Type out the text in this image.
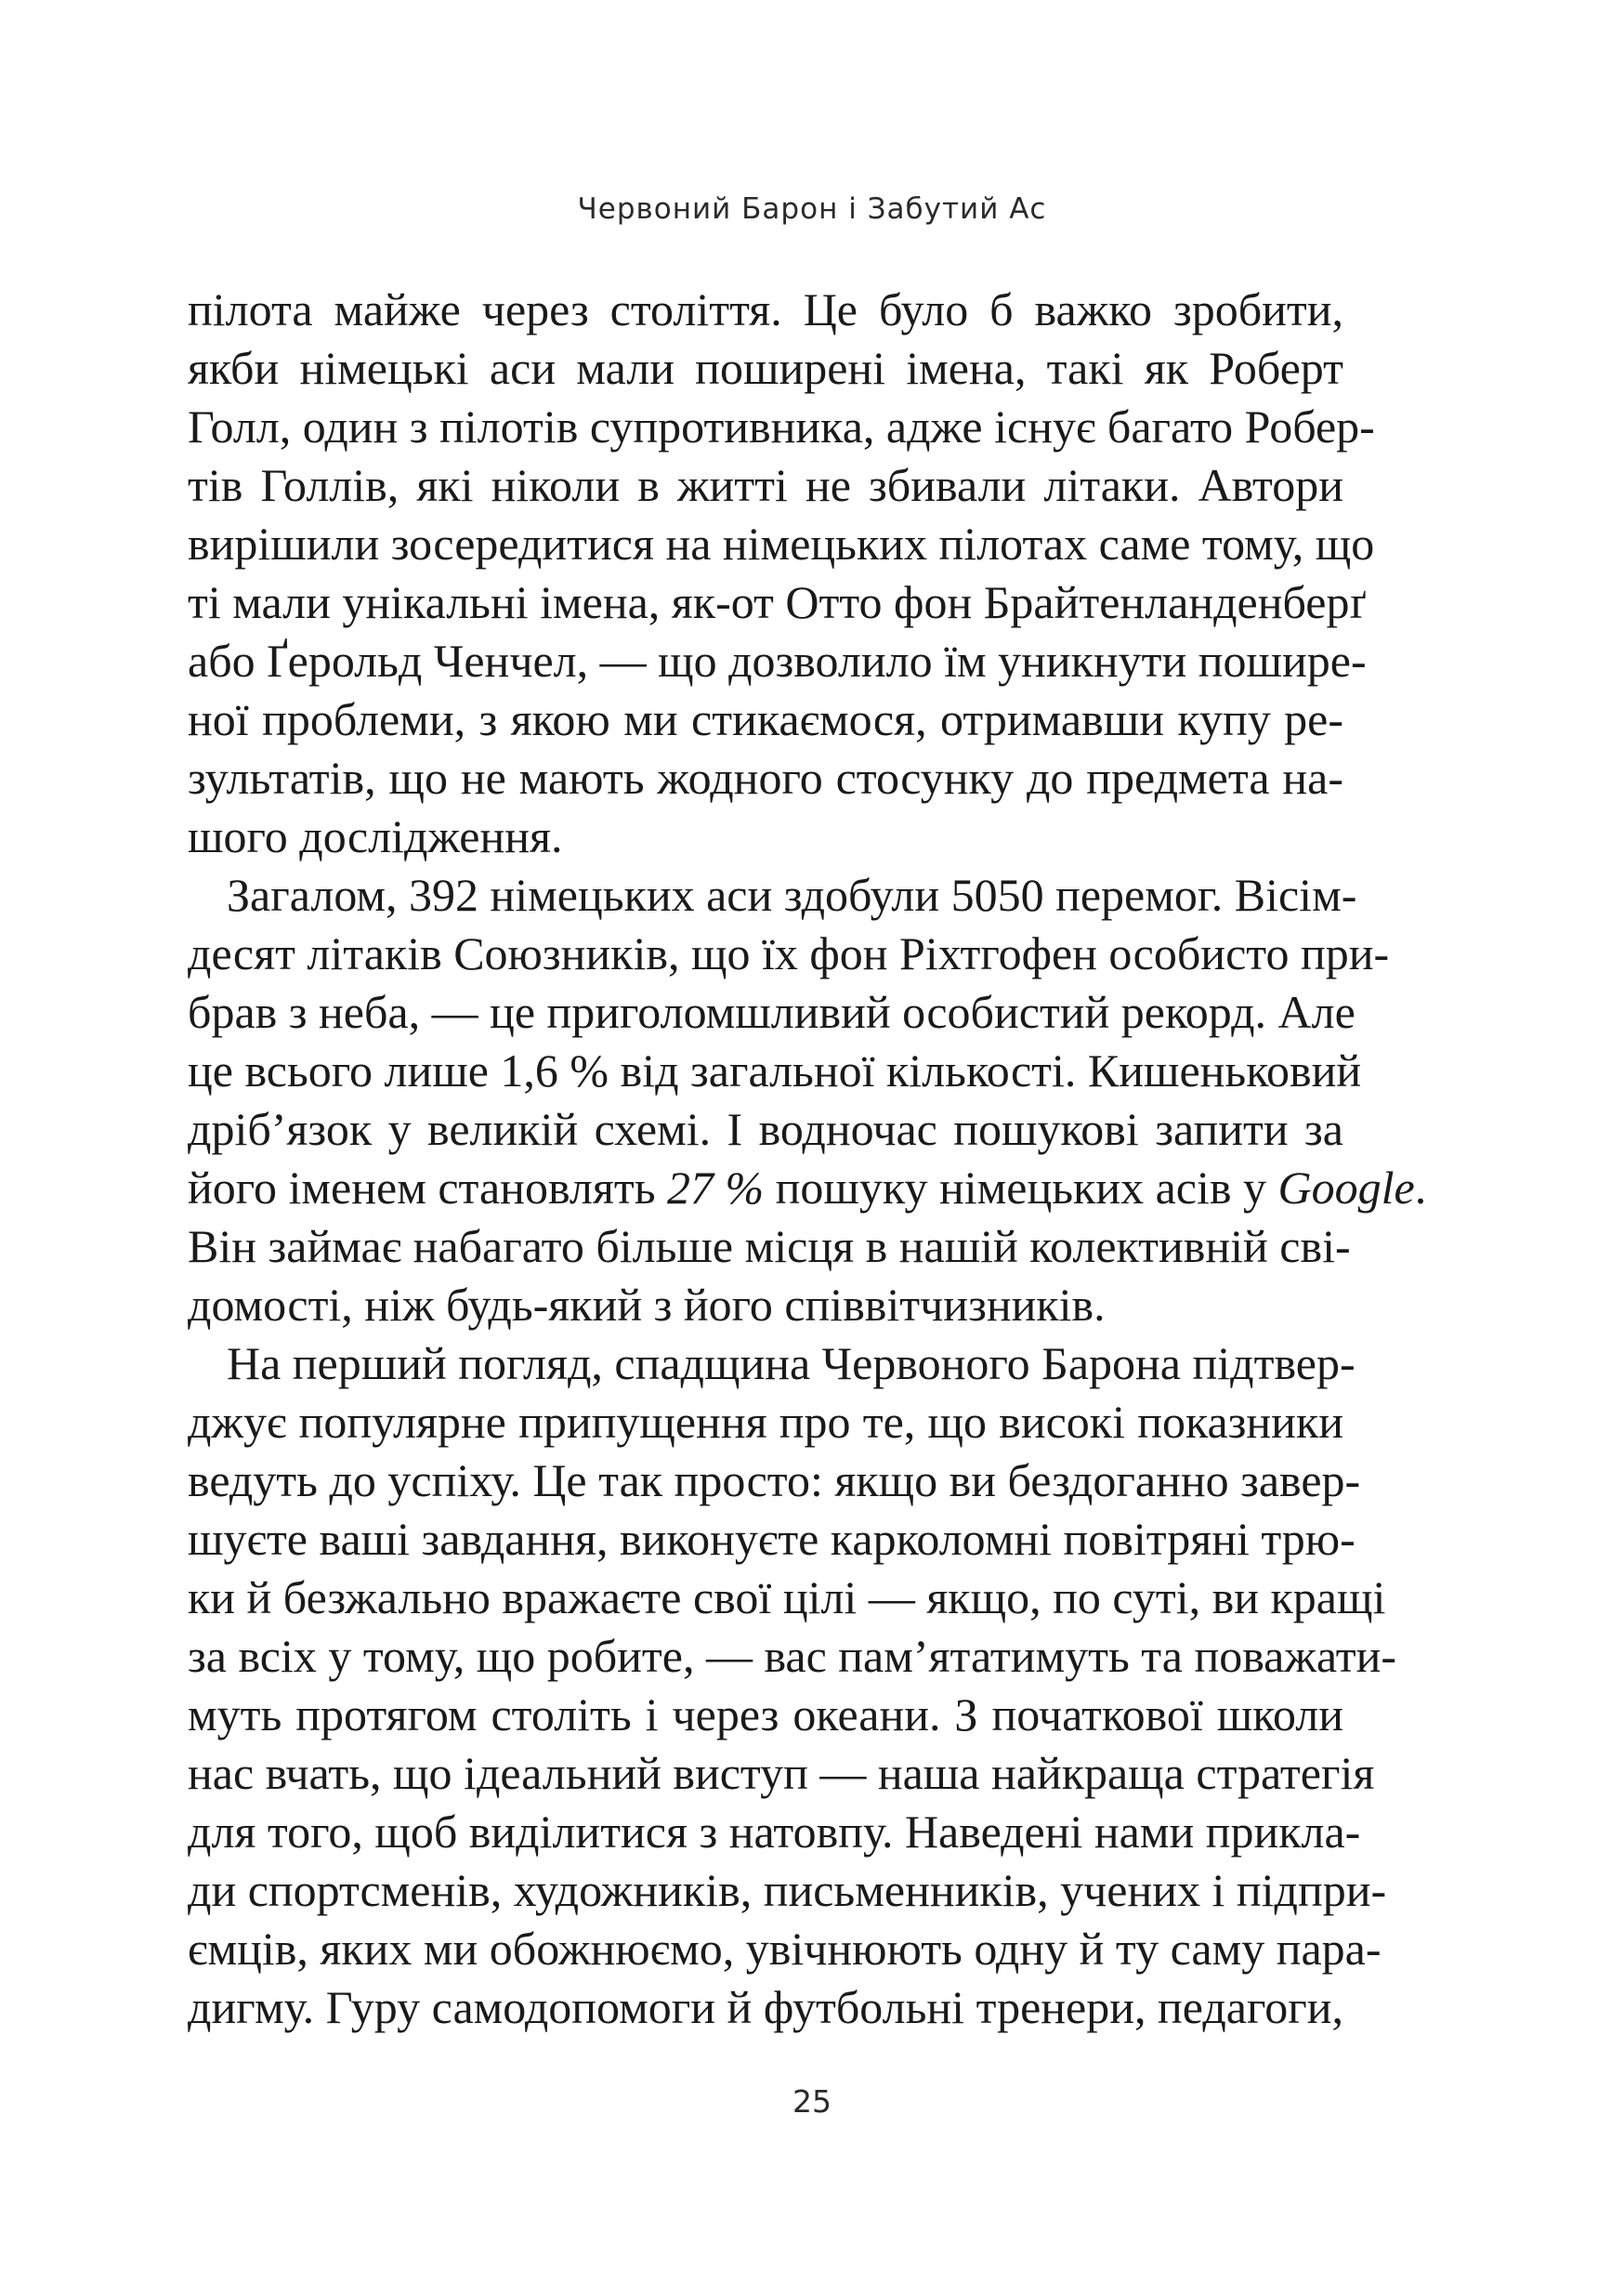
Червоний Барон і Забутий Ас
пілота майже через століття. Це було б важко зробити,
якби німецькі аси мали поширені імена, такі як Роберт
Голл, один з пілотів супротивника, адже існує багато Робер-
тів Голлів, які ніколи в житті не збивали літаки. Автори
вирішили зосередитися на німецьких пілотах саме тому, що
ті мали унікальні імена, як-от Отто фон Брайтенланденберґ
або Ґерольд Ченчел, — що дозволило їм уникнути пошире-
ної проблеми, з якою ми стикаємося, отримавши купу ре-
зультатів, що не мають жодного стосунку до предмета на-
шого дослідження.
Загалом, 392 німецьких аси здобули 5050 перемог. Вісім-
десят літаків Союзників, що їх фон Ріхтгофен особисто при-
брав з неба, — це приголомшливий особистий рекорд. Але
це всього лише 1,6 % від загальної кількості. Кишеньковий
дріб’язок у великій схемі. І водночас пошукові запити за
його іменем становлять 27 % пошуку німецьких асів у Google.
Він займає набагато більше місця в нашій колективній сві-
домості, ніж будь-який з його співвітчизників.
На перший погляд, спадщина Червоного Барона підтвер-
джує популярне припущення про те, що високі показники
ведуть до успіху. Це так просто: якщо ви бездоганно завер-
шуєте ваші завдання, виконуєте карколомні повітряні трю-
ки й безжально вражаєте свої цілі — якщо, по суті, ви кращі
за всіх у тому, що робите, — вас пам’ятатимуть та поважати-
муть протягом століть і через океани. З початкової школи
нас вчать, що ідеальний виступ — наша найкраща стратегія
для того, щоб виділитися з натовпу. Наведені нами прикла-
ди спортсменів, художників, письменників, учених і підпри-
ємців, яких ми обожнюємо, увічнюють одну й ту саму пара-
дигму. Гуру самодопомоги й футбольні тренери, педагоги,
25
